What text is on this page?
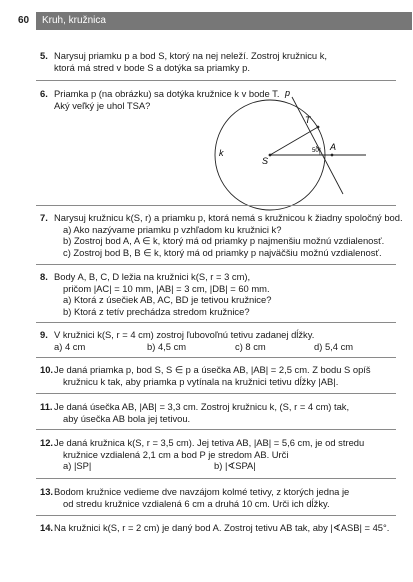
60 Kruh, kružnica
5. Narysuj priamku p a bod S, ktorý na nej neleží. Zostroj kružnicu k,
ktorá má stred v bode S a dotýka sa priamky p.
6. Priamka p (na obrázku) sa dotýka kružnice k v bode T.
Aký veľký je uhol TSA?
p
T
k
S
A
50°
7. Narysuj kružnicu k(S, r) a priamku p, ktorá nemá s kružnicou k žiadny spoločný bod.
a) Ako nazývame priamku p vzhľadom ku kružnici k?
b) Zostroj bod A, A ∈ k, ktorý má od priamky p najmenšiu možnú vzdialenosť.
c) Zostroj bod B, B ∈ k, ktorý má od priamky p najväčšiu možnú vzdialenosť.
8. Body A, B, C, D ležia na kružnici k(S, r = 3 cm),
pričom |AC| = 10 mm, |AB| = 3 cm, |DB| = 60 mm.
a) Ktorá z úsečiek AB, AC, BD je tetivou kružnice?
b) Ktorá z tetív prechádza stredom kružnice?
9. V kružnici k(S, r = 4 cm) zostroj ľubovoľnú tetivu zadanej dĺžky.
a) 4 cm	b) 4,5 cm	c) 8 cm	d) 5,4 cm
10. Je daná priamka p, bod S, S ∈ p a úsečka AB, |AB| = 2,5 cm. Z bodu S opíš
kružnicu k tak, aby priamka p vytínala na kružnici tetivu dĺžky |AB|.
11. Je daná úsečka AB, |AB| = 3,3 cm. Zostroj kružnicu k, (S, r = 4 cm) tak,
aby úsečka AB bola jej tetivou.
12. Je daná kružnica k(S, r = 3,5 cm). Jej tetiva AB, |AB| = 5,6 cm, je od stredu
kružnice vzdialená 2,1 cm a bod P je stredom AB. Urči
a) |SP|	b) |∢SPA|
13. Bodom kružnice vedieme dve navzájom kolmé tetivy, z ktorých jedna je
od stredu kružnice vzdialená 6 cm a druhá 10 cm. Urči ich dĺžky.
14. Na kružnici k(S, r = 2 cm) je daný bod A. Zostroj tetivu AB tak, aby |∢ASB| = 45°.
